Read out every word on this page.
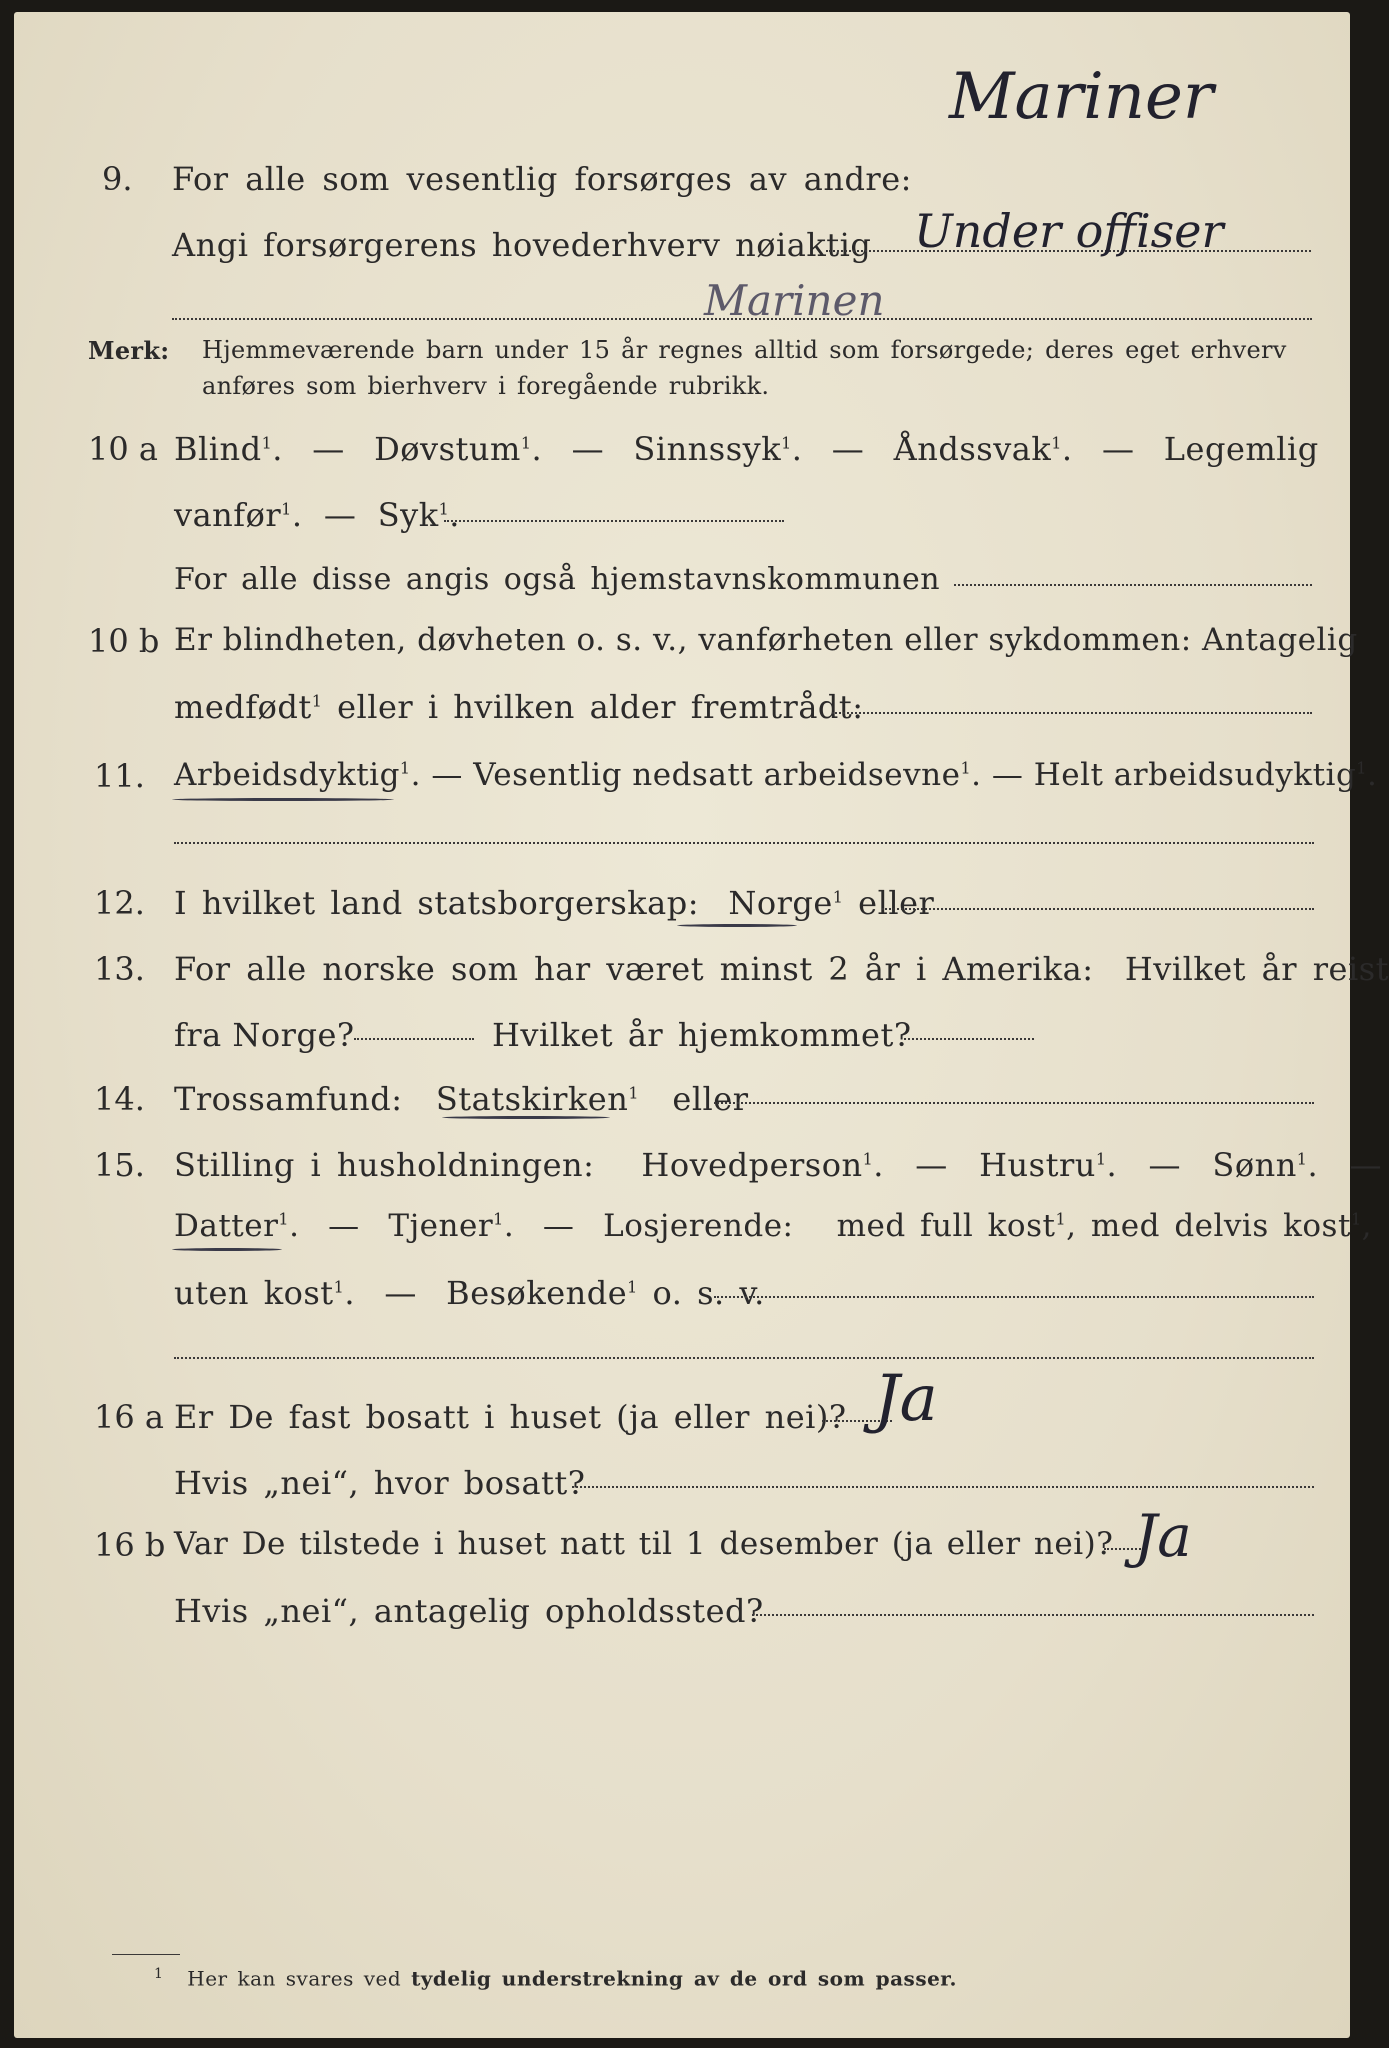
Mariner
9. For alle som vesentlig forsørges av andre:
Angi forsørgerens hovederhverv nøiaktig Under offiser
Marinen
Merk: Hjemmeværende barn under 15 år regnes alltid som forsørgede; deres eget erhverv
anføres som bierhverv i foregående rubrikk.
10 a Blind$^1$.  — Døvstum$^1$.  — Sinnssyk$^1$.  — Åndssvak$^1$.  — Legemlig
vanfør$^1$.  — Syk$^1$.
For alle disse angis også hjemstavnskommunen
10 b Er blindheten, døvheten o. s. v., vanførheten eller sykdommen: Antagelig
medfødt$^1$ eller i hvilken alder fremtrådt:
11. Arbeidsdyktig$^1$. — Vesentlig nedsatt arbeidsevne$^1$. — Helt arbeidsudyktig$^1$.
12. I hvilket land statsborgerskap: Norge$^1$ eller
13. For alle norske som har været minst 2 år i Amerika: Hvilket år reist
fra Norge?	Hvilket år hjemkommet?
14. Trossamfund: Statskirken$^1$ eller
15. Stilling i husholdningen: Hovedperson$^1$.  — Hustru$^1$.  — Sønn$^1$.  —
Datter$^1$.  — Tjener$^1$.  — Losjerende: med full kost$^1$, med delvis kost$^1$,
uten kost$^1$.  — Besøkende$^1$ o. s. v.
16 a Er De fast bosatt i huset (ja eller nei)? Ja
Hvis „nei“, hvor bosatt?
16 b Var De tilstede i huset natt til 1 desember (ja eller nei)? Ja
Hvis „nei“, antagelig opholdssted?
$^1$ Her kan svares ved tydelig understrekning av de ord som passer.
